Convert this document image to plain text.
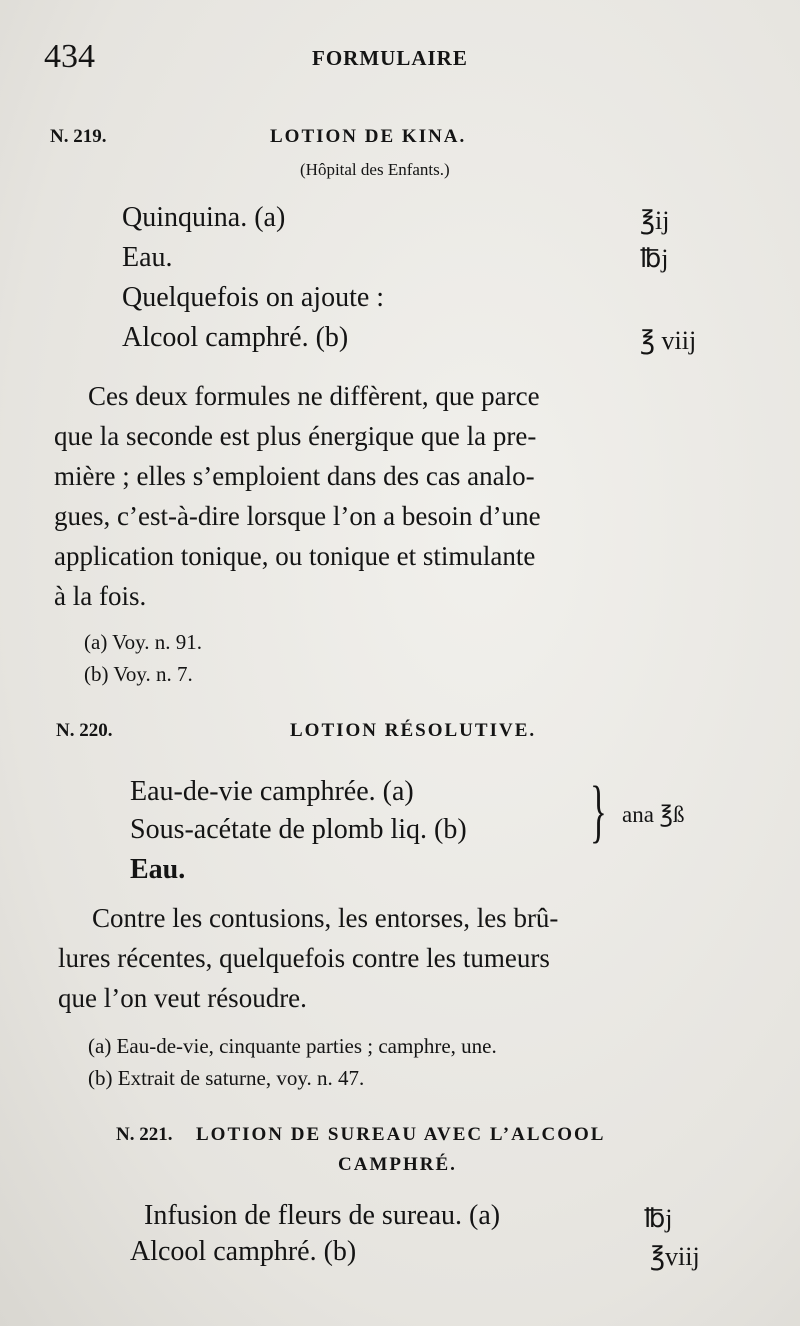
434	FORMULAIRE
N. 219.	LOTION DE KINA.
(Hôpital des Enfants.)
Quinquina. (a)	℥ij
Eau.	℔j
Quelquefois on ajoute :
Alcool camphré. (b)	℥ viij
Ces deux formules ne diffèrent, que parce
que la seconde est plus énergique que la pre-
mière ; elles s’emploient dans des cas analo-
gues, c’est-à-dire lorsque l’on a besoin d’une
application tonique, ou tonique et stimulante
à la fois.
(a) Voy. n. 91.
(b) Voy. n. 7.
N. 220.	LOTION RÉSOLUTIVE.
Eau-de-vie camphrée. (a)
Sous-acétate de plomb liq. (b)
Eau.
} ana ℥ß
Contre les contusions, les entorses, les brû-
lures récentes, quelquefois contre les tumeurs
que l’on veut résoudre.
(a) Eau-de-vie, cinquante parties ; camphre, une.
(b) Extrait de saturne, voy. n. 47.
N. 221. LOTION DE SUREAU AVEC L’ALCOOL
CAMPHRÉ.
Infusion de fleurs de sureau. (a)	℔j
Alcool camphré. (b)	℥viij
